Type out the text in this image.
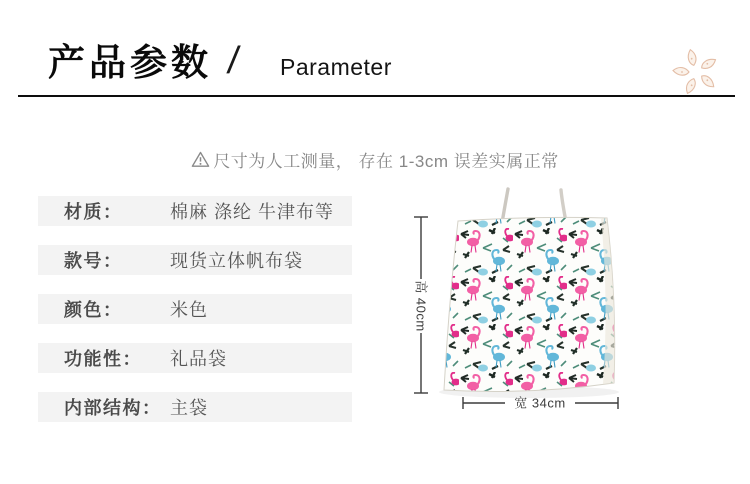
产品参数 / Parameter
尺寸为人工测量， 存在 1-3cm 误差实属正常
材质：	棉麻 涤纶 牛津布等
款号：	现货立体帆布袋
颜色：	米色
功能性：	礼品袋
内部结构： 主袋
高 40cm
宽 34cm
